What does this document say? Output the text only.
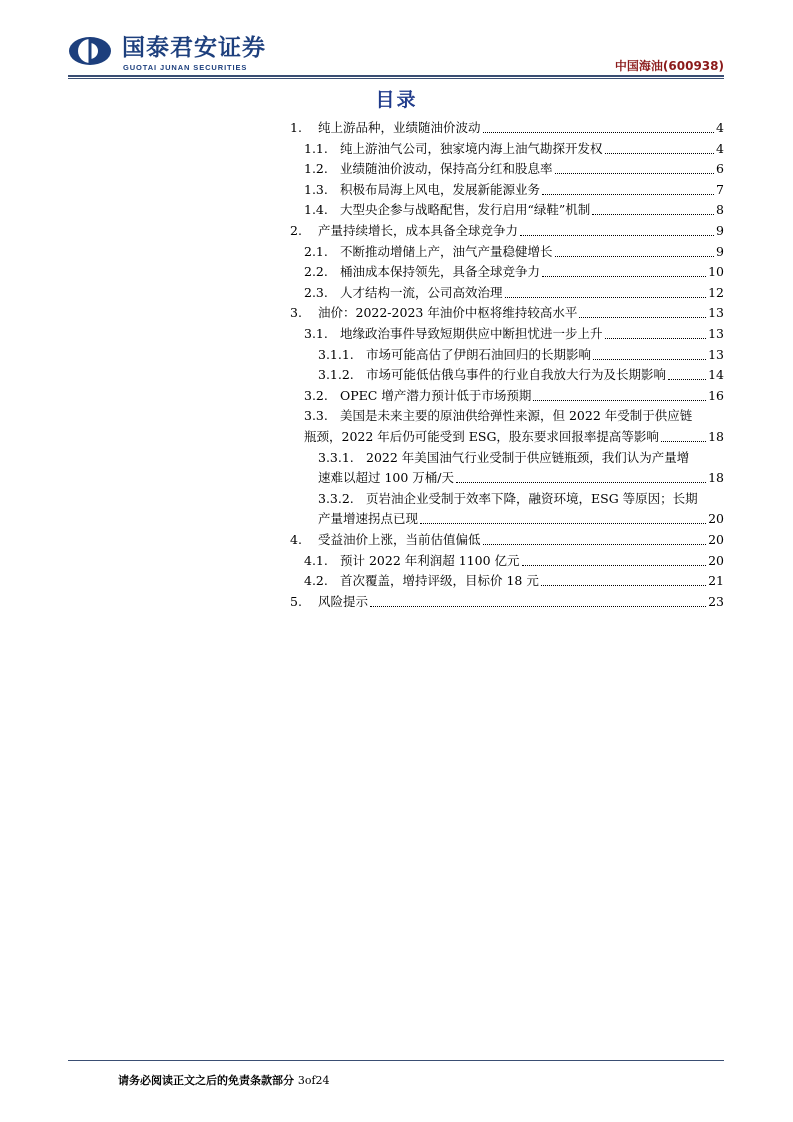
国泰君安证券
GUOTAI JUNAN SECURITIES	中国海油(600938)
目录
1.	纯上游品种，业绩随油价波动	4
1.1. 纯上游油气公司，独家境内海上油气勘探开发权	4
1.2. 业绩随油价波动，保持高分红和股息率	6
1.3. 积极布局海上风电，发展新能源业务	7
1.4. 大型央企参与战略配售，发行启用“绿鞋”机制	8
2.	产量持续增长，成本具备全球竞争力	9
2.1. 不断推动增储上产，油气产量稳健增长	9
2.2. 桶油成本保持领先，具备全球竞争力	10
2.3. 人才结构一流，公司高效治理	12
3.	油价：2022-2023 年油价中枢将维持较高水平	13
3.1. 地缘政治事件导致短期供应中断担忧进一步上升	13
3.1.1. 市场可能高估了伊朗石油回归的长期影响	13
3.1.2. 市场可能低估俄乌事件的行业自我放大行为及长期影响	14
3.2. OPEC 增产潜力预计低于市场预期	16
3.3. 美国是未来主要的原油供给弹性来源，但 2022 年受制于供应链
瓶颈，2022 年后仍可能受到 ESG，股东要求回报率提高等影响	18
3.3.1. 2022 年美国油气行业受制于供应链瓶颈，我们认为产量增
速难以超过 100 万桶/天	18
3.3.2. 页岩油企业受制于效率下降，融资环境，ESG 等原因；长期
产量增速拐点已现	20
4.	受益油价上涨，当前估值偏低	20
4.1. 预计 2022 年利润超 1100 亿元	20
4.2. 首次覆盖，增持评级，目标价 18 元	21
5.	风险提示	23
请务必阅读正文之后的免责条款部分 3of24
